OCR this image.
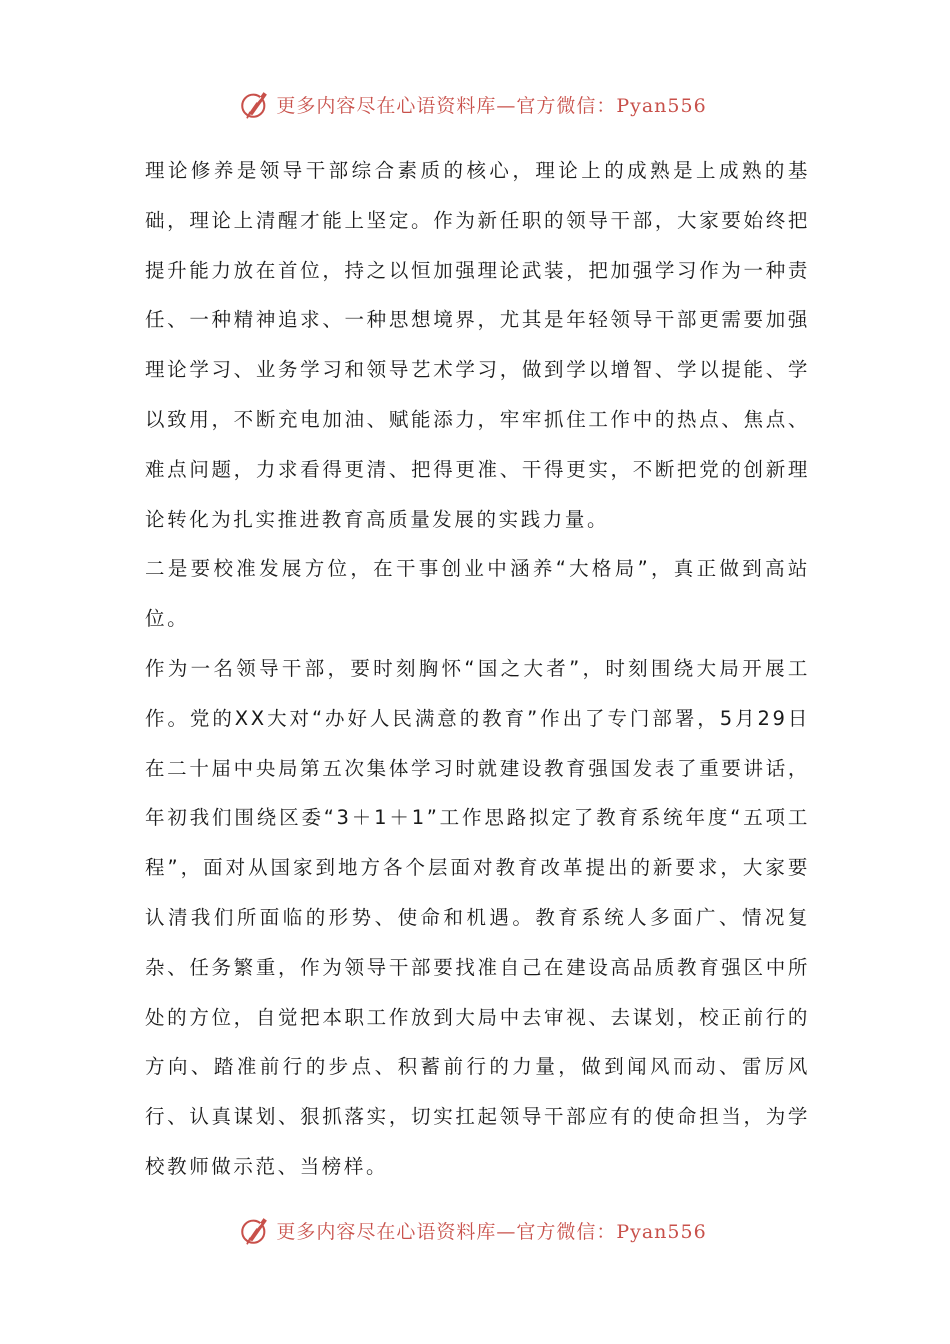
更多内容尽在心语资料库—官方微信：Pyan556

理论修养是领导干部综合素质的核心，理论上的成熟是上成熟的基础，理论上清醒才能上坚定。作为新任职的领导干部，大家要始终把提升能力放在首位，持之以恒加强理论武装，把加强学习作为一种责任、一种精神追求、一种思想境界，尤其是年轻领导干部更需要加强理论学习、业务学习和领导艺术学习，做到学以增智、学以提能、学以致用，不断充电加油、赋能添力，牢牢抓住工作中的热点、焦点、难点问题，力求看得更清、把得更准、干得更实，不断把党的创新理论转化为扎实推进教育高质量发展的实践力量。

二是要校准发展方位，在干事创业中涵养“大格局”，真正做到高站位。

作为一名领导干部，要时刻胸怀“国之大者”，时刻围绕大局开展工作。党的XX大对“办好人民满意的教育”作出了专门部署，5月29日在二十届中央局第五次集体学习时就建设教育强国发表了重要讲话，年初我们围绕区委“3＋1＋1”工作思路拟定了教育系统年度“五项工程”，面对从国家到地方各个层面对教育改革提出的新要求，大家要认清我们所面临的形势、使命和机遇。教育系统人多面广、情况复杂、任务繁重，作为领导干部要找准自己在建设高品质教育强区中所处的方位，自觉把本职工作放到大局中去审视、去谋划，校正前行的方向、踏准前行的步点、积蓄前行的力量，做到闻风而动、雷厉风行、认真谋划、狠抓落实，切实扛起领导干部应有的使命担当，为学校教师做示范、当榜样。

更多内容尽在心语资料库—官方微信：Pyan556
